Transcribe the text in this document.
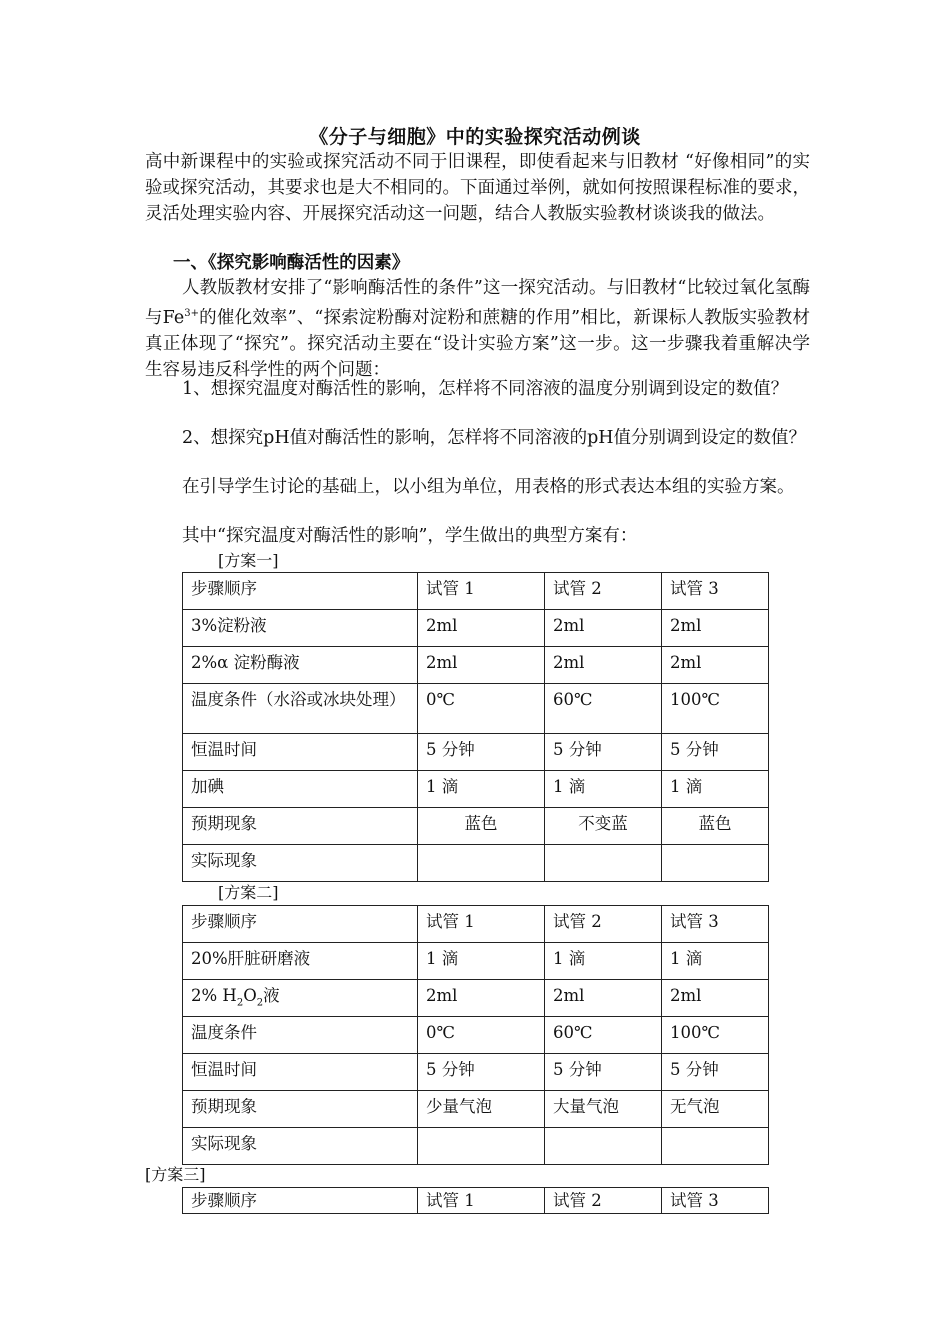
《分子与细胞》中的实验探究活动例谈
高中新课程中的实验或探究活动不同于旧课程，即使看起来与旧教材 “好像相同”的实验或探究活动，其要求也是大不相同的。下面通过举例，就如何按照课程标准的要求，灵活处理实验内容、开展探究活动这一问题，结合人教版实验教材谈谈我的做法。
一、《探究影响酶活性的因素》
人教版教材安排了“影响酶活性的条件”这一探究活动。与旧教材“比较过氧化氢酶与$Fe^{3+}$的催化效率”、“探索淀粉酶对淀粉和蔗糖的作用”相比，新课标人教版实验教材真正体现了“探究”。探究活动主要在“设计实验方案”这一步。这一步骤我着重解决学生容易违反科学性的两个问题：
1、想探究温度对酶活性的影响，怎样将不同溶液的温度分别调到设定的数值？
2、想探究pH值对酶活性的影响，怎样将不同溶液的pH值分别调到设定的数值？
在引导学生讨论的基础上，以小组为单位，用表格的形式表达本组的实验方案。
其中“探究温度对酶活性的影响”，学生做出的典型方案有：
[方案一]
步骤顺序	试管 1	试管 2	试管 3
3%淀粉液	2ml	2ml	2ml
2%α 淀粉酶液	2ml	2ml	2ml
温度条件（水浴或冰块处理）	0℃	60℃	100℃
恒温时间	5 分钟	5 分钟	5 分钟
加碘	1 滴	1 滴	1 滴
预期现象	蓝色	不变蓝	蓝色
实际现象			
[方案二]
步骤顺序	试管 1	试管 2	试管 3
20%肝脏研磨液	1 滴	1 滴	1 滴
2% $H_2O_2$液	2ml	2ml	2ml
温度条件	0℃	60℃	100℃
恒温时间	5 分钟	5 分钟	5 分钟
预期现象	少量气泡	大量气泡	无气泡
实际现象			
[方案三]
步骤顺序	试管 1	试管 2	试管 3
